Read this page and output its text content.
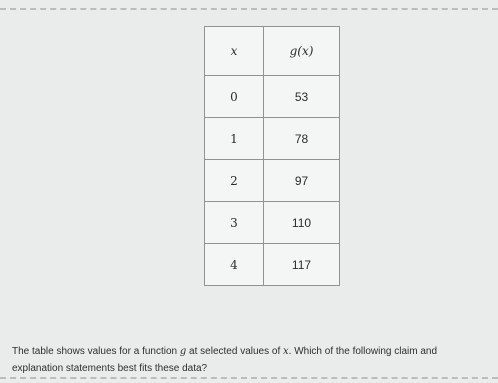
x	g(x)
0	53
1	78
2	97
3	110
4	117

The table shows values for a function g at selected values of x. Which of the following claim and explanation statements best fits these data?
